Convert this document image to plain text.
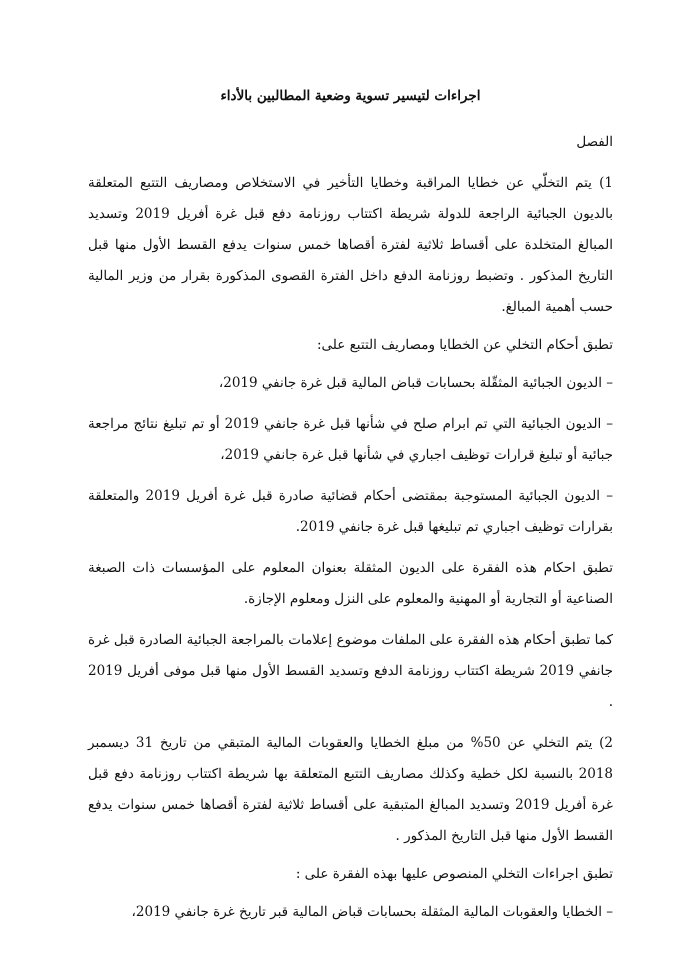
اجراءات لتيسير تسوية وضعية المطالبين بالأداء
الفصل

1) يتم التخلّي عن خطايا المراقبة وخطايا التأخير في الاستخلاص ومصاريف التتبع المتعلقة بالديون الجبائية الراجعة للدولة شريطة اكتتاب روزنامة دفع قبل غرة أفريل 2019 وتسديد المبالغ المتخلدة على أقساط ثلاثية لفترة أقصاها خمس سنوات يدفع القسط الأول منها قبل التاريخ المذكور . وتضبط روزنامة الدفع داخل الفترة القصوى المذكورة بقرار من وزير المالية حسب أهمية المبالغ.

تطبق أحكام التخلي عن الخطايا ومصاريف التتبع على:

– الديون الجبائية المثقّلة بحسابات قباض المالية قبل غرة جانفي 2019،

– الديون الجبائية التي تم ابرام صلح في شأنها قبل غرة جانفي 2019 أو تم تبليغ نتائج مراجعة جبائية أو تبليغ قرارات توظيف اجباري في شأنها قبل غرة جانفي 2019،

– الديون الجبائية المستوجبة بمقتضى أحكام قضائية صادرة قبل غرة أفريل 2019 والمتعلقة بقرارات توظيف اجباري تم تبليغها قبل غرة جانفي 2019.

تطبق احكام هذه الفقرة على الديون المثقلة بعنوان المعلوم على المؤسسات ذات الصبغة الصناعية أو التجارية أو المهنية والمعلوم على النزل ومعلوم الإجازة.

كما تطبق أحكام هذه الفقرة على الملفات موضوع إعلامات بالمراجعة الجبائية الصادرة قبل غرة جانفي 2019 شريطة اكتتاب روزنامة الدفع وتسديد القسط الأول منها قبل موفى أفريل 2019 .

2) يتم التخلي عن 50% من مبلغ الخطايا والعقوبات المالية المتبقي من تاريخ 31 ديسمبر 2018 بالنسبة لكل خطية وكذلك مصاريف التتبع المتعلقة بها شريطة اكتتاب روزنامة دفع قبل غرة أفريل 2019 وتسديد المبالغ المتبقية على أقساط ثلاثية لفترة أقصاها خمس سنوات يدفع القسط الأول منها قبل التاريخ المذكور .

تطبق اجراءات التخلي المنصوص عليها بهذه الفقرة على :

– الخطايا والعقوبات المالية المثقلة بحسابات قباض المالية قبر تاريخ غرة جانفي 2019،
